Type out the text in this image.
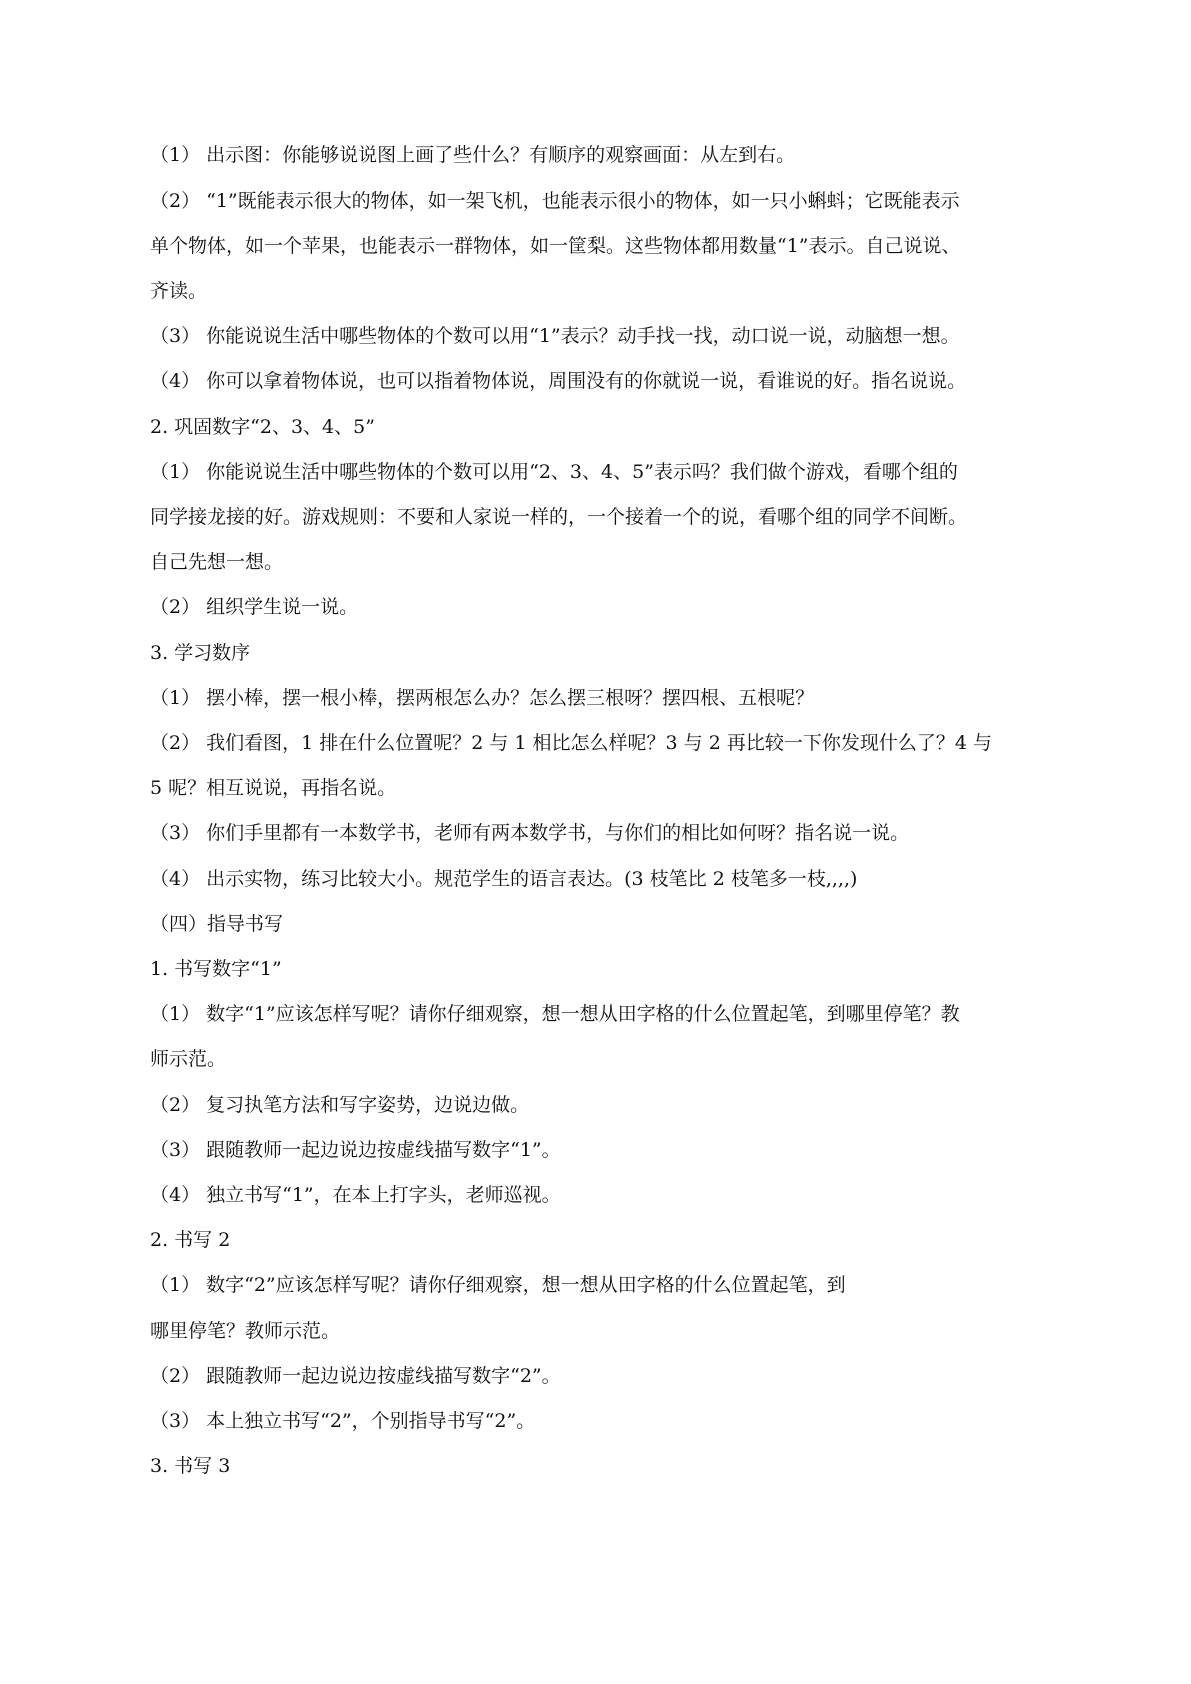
（1） 出示图：你能够说说图上画了些什么？有顺序的观察画面：从左到右。
（2） “1”既能表示很大的物体，如一架飞机，也能表示很小的物体，如一只小蝌蚪；它既能表示
单个物体，如一个苹果，也能表示一群物体，如一筐梨。这些物体都用数量“1”表示。自己说说、
齐读。
（3） 你能说说生活中哪些物体的个数可以用“1”表示？动手找一找，动口说一说，动脑想一想。
（4） 你可以拿着物体说，也可以指着物体说，周围没有的你就说一说，看谁说的好。指名说说。
2. 巩固数字“2、3、4、5”
（1） 你能说说生活中哪些物体的个数可以用“2、3、4、5”表示吗？我们做个游戏，看哪个组的
同学接龙接的好。游戏规则：不要和人家说一样的，一个接着一个的说，看哪个组的同学不间断。
自己先想一想。
（2） 组织学生说一说。
3. 学习数序
（1） 摆小棒，摆一根小棒，摆两根怎么办？怎么摆三根呀？摆四根、五根呢？
（2） 我们看图，1 排在什么位置呢？2 与 1 相比怎么样呢？3 与 2 再比较一下你发现什么了？4 与
5 呢？相互说说，再指名说。
（3） 你们手里都有一本数学书，老师有两本数学书，与你们的相比如何呀？指名说一说。
（4） 出示实物，练习比较大小。规范学生的语言表达。(3 枝笔比 2 枝笔多一枝,,,,)
（四）指导书写
1. 书写数字“1”
（1） 数字“1”应该怎样写呢？请你仔细观察，想一想从田字格的什么位置起笔，到哪里停笔？教
师示范。
（2） 复习执笔方法和写字姿势，边说边做。
（3） 跟随教师一起边说边按虚线描写数字“1”。
（4） 独立书写“1”，在本上打字头，老师巡视。
2. 书写 2
（1） 数字“2”应该怎样写呢？请你仔细观察，想一想从田字格的什么位置起笔，到
哪里停笔？教师示范。
（2） 跟随教师一起边说边按虚线描写数字“2”。
（3） 本上独立书写“2”，个别指导书写“2”。
3. 书写 3
